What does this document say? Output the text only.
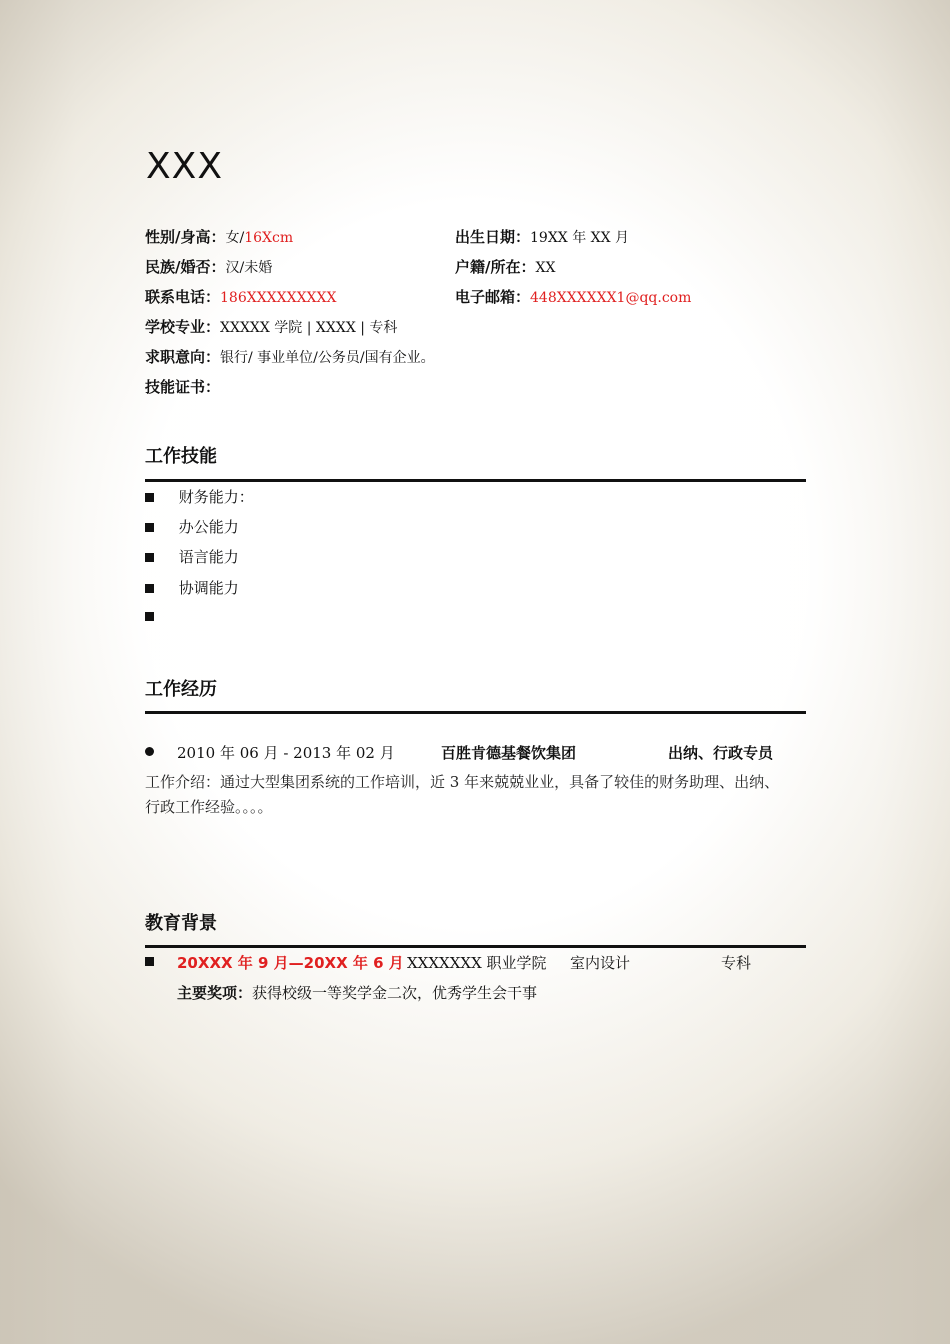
XXX
性别/身高：女/16Xcm	出生日期：19XX 年 XX 月
民族/婚否：汉/未婚	户籍/所在：XX
联系电话：186XXXXXXXXX	电子邮箱：448XXXXXX1@qq.com
学校专业：XXXXX 学院 | XXXX | 专科
求职意向：银行/ 事业单位/公务员/国有企业。
技能证书：
工作技能
财务能力：
办公能力
语言能力
协调能力
工作经历
2010 年 06 月 - 2013 年 02 月	百胜肯德基餐饮集团	出纳、行政专员
工作介绍：通过大型集团系统的工作培训，近 3 年来兢兢业业，具备了较佳的财务助理、出纳、
行政工作经验。。。。
教育背景
20XXX 年 9 月—20XX 年 6 月 XXXXXXX 职业学院 室内设计	专科
主要奖项：获得校级一等奖学金二次，优秀学生会干事
